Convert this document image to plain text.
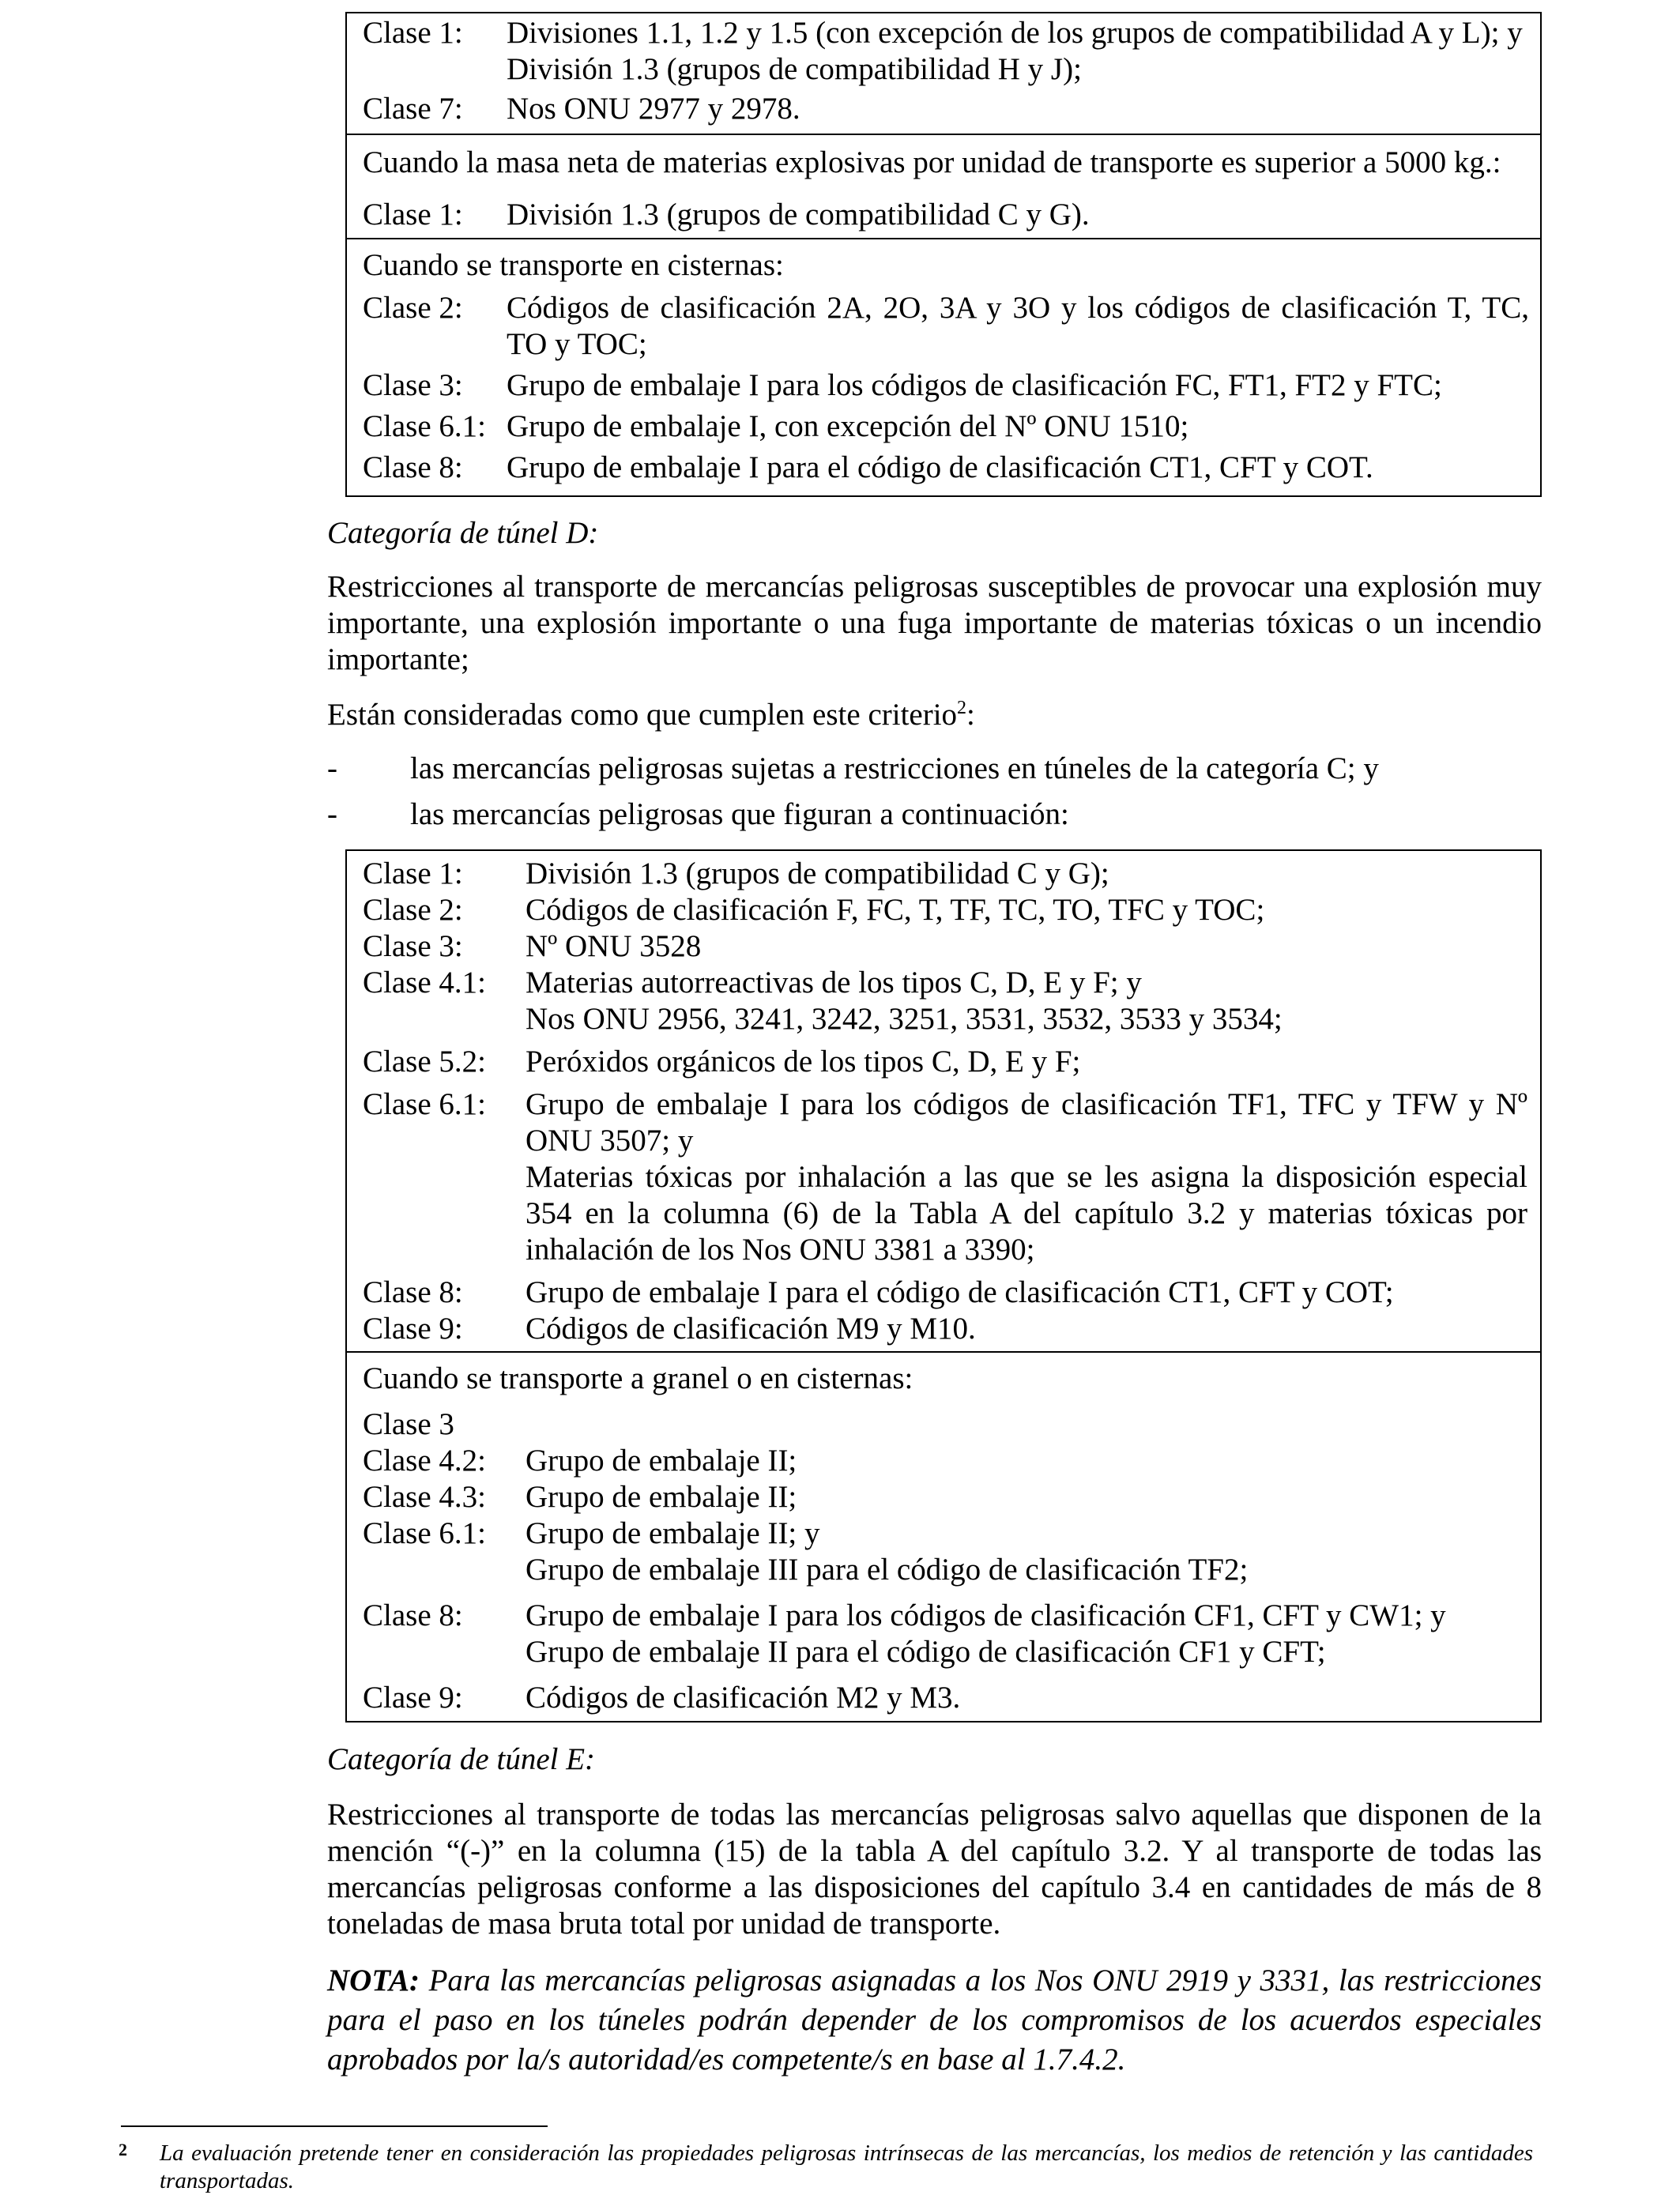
Clase 1:	Divisiones 1.1, 1.2 y 1.5 (con excepción de los grupos de compatibilidad A y L); y División 1.3 (grupos de compatibilidad H y J);
Clase 7:	Nos ONU 2977 y 2978.
Cuando la masa neta de materias explosivas por unidad de transporte es superior a 5000 kg.:
Clase 1:	División 1.3 (grupos de compatibilidad C y G).
Cuando se transporte en cisternas:
Clase 2:	Códigos de clasificación 2A, 2O, 3A y 3O y los códigos de clasificación T, TC, TO y TOC;
Clase 3:	Grupo de embalaje I para los códigos de clasificación FC, FT1, FT2 y FTC;
Clase 6.1: Grupo de embalaje I, con excepción del Nº ONU 1510;
Clase 8:	Grupo de embalaje I para el código de clasificación CT1, CFT y COT.
Categoría de túnel D:
Restricciones al transporte de mercancías peligrosas susceptibles de provocar una explosión muy importante, una explosión importante o una fuga importante de materias tóxicas o un incendio importante;
Están consideradas como que cumplen este criterio$^2$:
-	las mercancías peligrosas sujetas a restricciones en túneles de la categoría C; y
-	las mercancías peligrosas que figuran a continuación:
Clase 1:	División 1.3 (grupos de compatibilidad C y G);
Clase 2:	Códigos de clasificación F, FC, T, TF, TC, TO, TFC y TOC;
Clase 3:	Nº ONU 3528
Clase 4.1:	Materias autorreactivas de los tipos C, D, E y F; y
Nos ONU 2956, 3241, 3242, 3251, 3531, 3532, 3533 y 3534;
Clase 5.2:	Peróxidos orgánicos de los tipos C, D, E y F;
Clase 6.1:	Grupo de embalaje I para los códigos de clasificación TF1, TFC y TFW y Nº ONU 3507; y
Materias tóxicas por inhalación a las que se les asigna la disposición especial 354 en la columna (6) de la Tabla A del capítulo 3.2 y materias tóxicas por inhalación de los Nos ONU 3381 a 3390;
Clase 8:	Grupo de embalaje I para el código de clasificación CT1, CFT y COT;
Clase 9:	Códigos de clasificación M9 y M10.
Cuando se transporte a granel o en cisternas:
Clase 3
Clase 4.2:	Grupo de embalaje II;
Clase 4.3:	Grupo de embalaje II;
Clase 6.1:	Grupo de embalaje II; y
Grupo de embalaje III para el código de clasificación TF2;
Clase 8:	Grupo de embalaje I para los códigos de clasificación CF1, CFT y CW1; y
Grupo de embalaje II para el código de clasificación CF1 y CFT;
Clase 9:	Códigos de clasificación M2 y M3.
Categoría de túnel E:
Restricciones al transporte de todas las mercancías peligrosas salvo aquellas que disponen de la mención “(-)” en la columna (15) de la tabla A del capítulo 3.2. Y al transporte de todas las mercancías peligrosas conforme a las disposiciones del capítulo 3.4 en cantidades de más de 8 toneladas de masa bruta total por unidad de transporte.
NOTA: Para las mercancías peligrosas asignadas a los Nos ONU 2919 y 3331, las restricciones para el paso en los túneles podrán depender de los compromisos de los acuerdos especiales aprobados por la/s autoridad/es competente/s en base al 1.7.4.2.
2	La evaluación pretende tener en consideración las propiedades peligrosas intrínsecas de las mercancías, los medios de retención y las cantidades transportadas.
